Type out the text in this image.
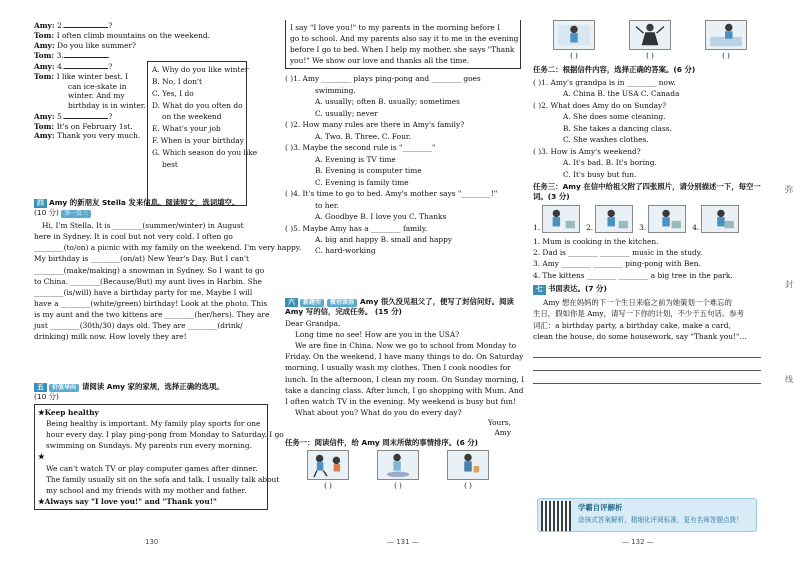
Amy: 2.	?
Tom: I often climb mountains on the weekend.
Amy: Do you like summer?
Tom: 3.	.
Amy: 4.	?
Tom: I like winter best. I
can ice-skate in
winter. And my
birthday is in winter.
Amy: 5.	?
Tom: It's on February 1st.
Amy: Thank you very much.
A. Why do you like winter
B. No, I don't
C. Yes, I do
D. What do you often do
on the weekend
E. What's your job
F. When is your birthday
G. Which season do you like
best
四 Amy 的新朋友 Stella 发来信息。阅读短文，选词填空。
(10 分) 举一反三
Hi, I'm Stella. It is ________(summer/winter) in August
here in Sydney. It is cool but not very cold. I often go
________(to/on) a picnic with my family on the weekend. I'm very happy.
My birthday is ________(on/at) New Year's Day. But I can't
________(make/making) a snowman in Sydney. So I want to go
to China. ________(Because/But) my aunt lives in Harbin. She
________(is/will) have a birthday party for me. Maybe I will
have a ________(white/green) birthday! Look at the photo. This
is my aunt and the two kittens are ________(her/hers). They are
just ________(30th/30) days old. They are ________(drink/
drinking) milk now. How lovely they are!
五 价值导向 请阅读 Amy 家的家规，选择正确的选项。
(10 分)
★Keep healthy
Being healthy is important. My family play sports for one
hour every day. I play ping-pong from Monday to Saturday. I go
swimming on Sundays. My parents run every morning.
★
We can't watch TV or play computer games after dinner.
The family usually sit on the sofa and talk. I usually talk about
my school and my friends with my mother and father.
★Always say "I love you!" and "Thank you!"
130
I say "I love you!" to my parents in the morning before I
go to school. And my parents also say it to me in the evening
before I go to bed. When I help my mother, she says "Thank
you!" We show our love and thanks all the time.
( )1. Amy ________ plays ping-pong and ________ goes
swimming.
A. usually; often B. usually; sometimes
C. usually; never
( )2. How many rules are there in Amy's family?
A. Two. B. Three. C. Four.
( )3. Maybe the second rule is "________"
A. Evening is TV time
B. Evening is computer time
C. Evening is family time
( )4. It's time to go to bed. Amy's mother says "________!"
to her.
A. Goodbye B. I love you C. Thanks
( )5. Maybe Amy has a ________ family.
A. big and happy B. small and happy
C. hard-working
六 新题型 微信读信 Amy 很久没见祖父了，便写了封信问好。阅读 Amy 写的信，完成任务。 (15 分)
Dear Grandpa,
Long time no see! How are you in the USA?
We are fine in China. Now we go to school from Monday to
Friday. On the weekend, I have many things to do. On Saturday
morning, I usually wash my clothes. Then I cook noodles for
lunch. In the afternoon, I clean my room. On Sunday morning, I
take a dancing class. After lunch, I go shopping with Mum. And
I often watch TV in the evening. My weekend is busy but fun!
What about you? What do you do every day?
Yours,
Amy
任务一：阅读信件，给 Amy 周末所做的事情排序。(6 分)
( )	( )	( )
— 131 —
( )	( )	( )
任务二：根据信件内容，选择正确的答案。(6 分)
( )1. Amy's grandpa is in ________ now.
A. China B. the USA C. Canada
( )2. What does Amy do on Sunday?
A. She does some cleaning.
B. She takes a dancing class.
C. She washes clothes.
( )3. How is Amy's weekend?
A. It's bad. B. It's boring.
C. It's busy but fun.
任务三：Amy 在信中给祖父附了四张照片，请分别描述一下，每空一词。(3 分)
1.	2.	3.	4.
1. Mum is cooking in the kitchen.
2. Dad is ________ ________ music in the study.
3. Amy ________ ________ ping-pong with Ben.
4. The kittens ________ ________ a big tree in the park.
七 书面表达。(7 分)
Amy 想在妈妈的下一个生日来临之前为她策划一个难忘的
生日，假如你是 Amy，请写一下你的计划，不少于五句话。参考
词汇：a birthday party, a birthday cake, make a card,
clean the house, do some housework, say "Thank you!"…
学霸自评解析
涂抹式答案解析，精细化评阅标准，更有名师答题点拨！
— 132 —
弥
封
线
